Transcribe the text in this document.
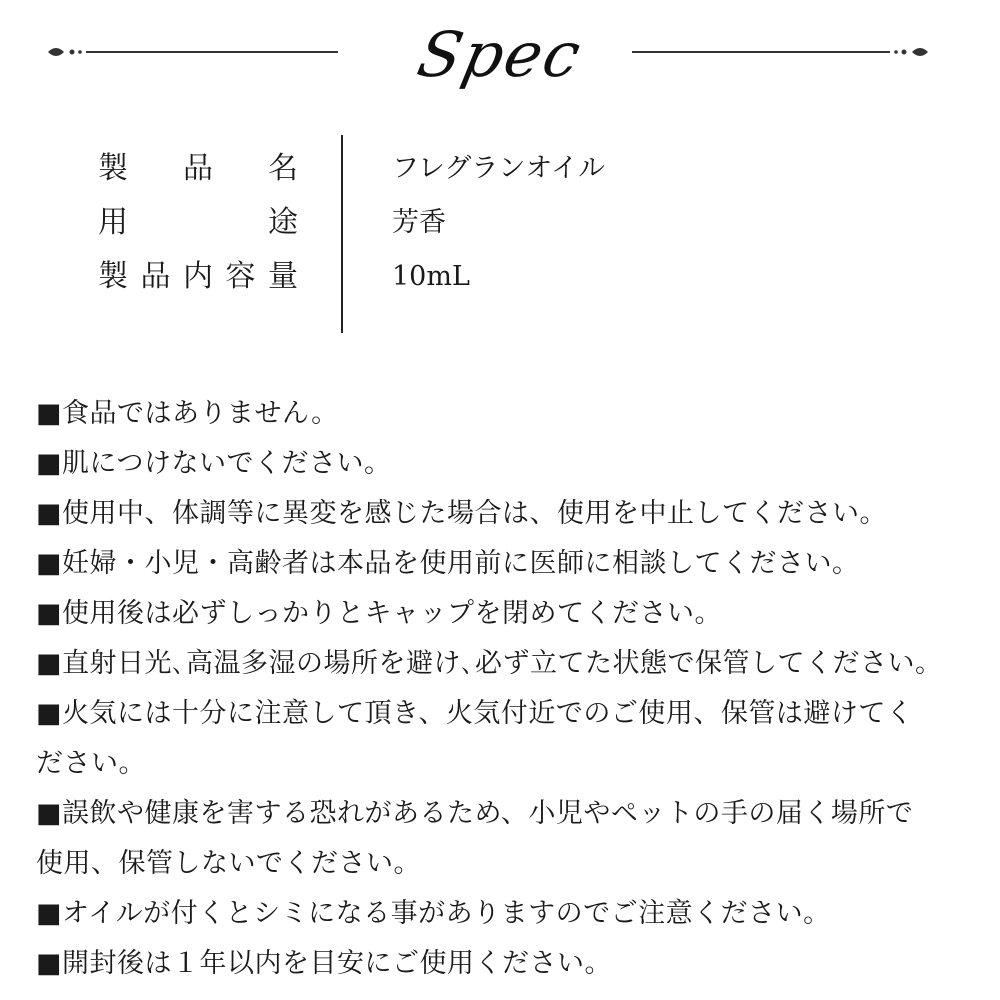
Spec
製品名	フレグランオイル
用途	芳香
製品内容量	10mL
■食品ではありません。
■肌につけないでください。
■使用中、体調等に異変を感じた場合は、使用を中止してください。
■妊婦・小児・高齢者は本品を使用前に医師に相談してください。
■使用後は必ずしっかりとキャップを閉めてください。
■直射日光､高温多湿の場所を避け､必ず立てた状態で保管してください。
■火気には十分に注意して頂き、火気付近でのご使用、保管は避けてく
ださい。
■誤飲や健康を害する恐れがあるため、小児やペットの手の届く場所で
使用、保管しないでください。
■オイルが付くとシミになる事がありますのでご注意ください。
■開封後は１年以内を目安にご使用ください。
